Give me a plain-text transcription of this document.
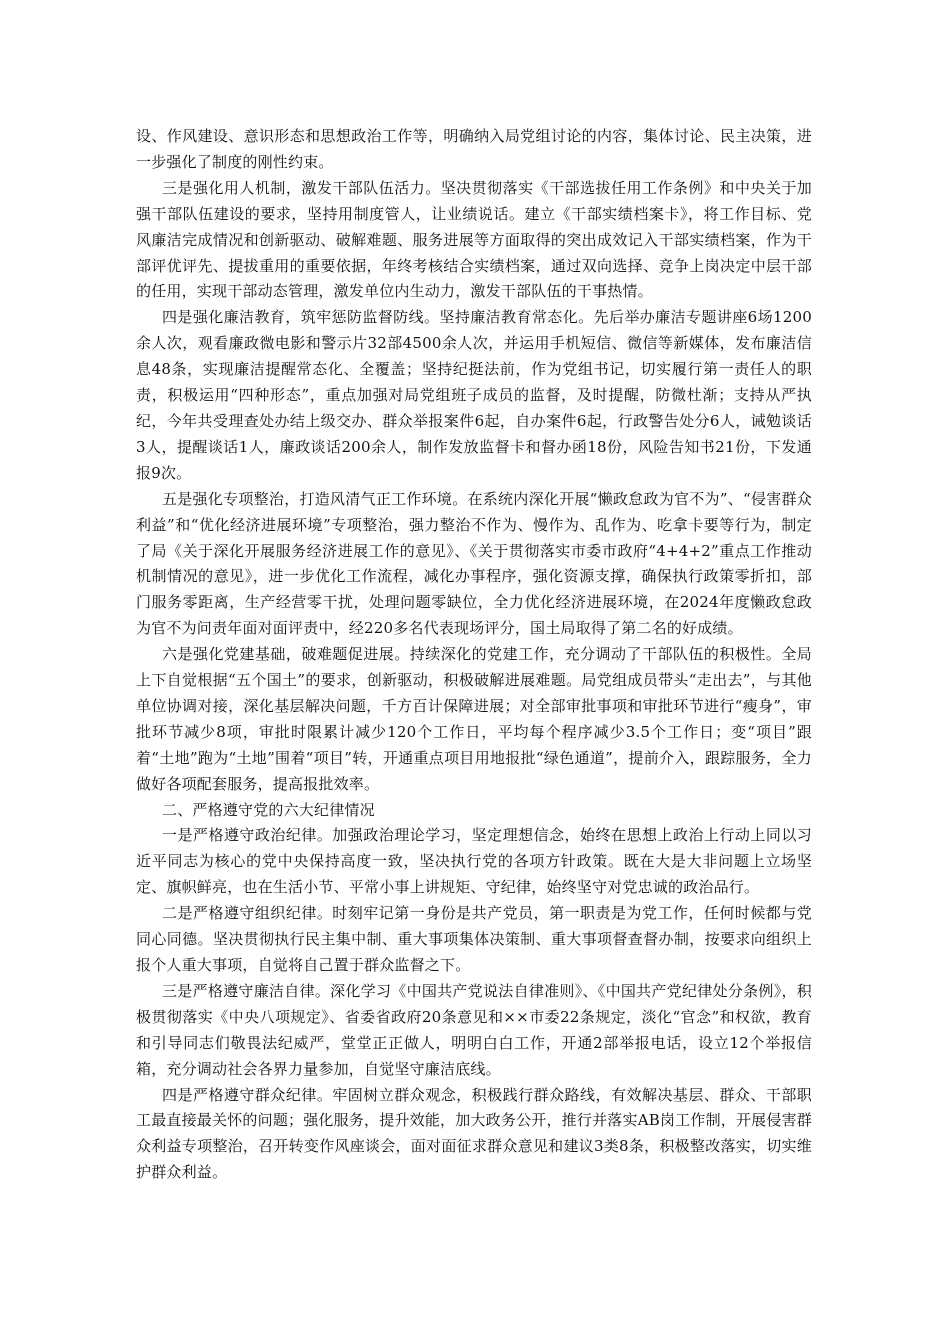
设、作风建设、意识形态和思想政治工作等，明确纳入局党组讨论的内容，集体讨论、民主决策，进一步强化了制度的刚性约束。

三是强化用人机制，激发干部队伍活力。坚决贯彻落实《干部选拔任用工作条例》和中央关于加强干部队伍建设的要求，坚持用制度管人，让业绩说话。建立《干部实绩档案卡》，将工作目标、党风廉洁完成情况和创新驱动、破解难题、服务进展等方面取得的突出成效记入干部实绩档案，作为干部评优评先、提拔重用的重要依据，年终考核结合实绩档案，通过双向选择、竞争上岗决定中层干部的任用，实现干部动态管理，激发单位内生动力，激发干部队伍的干事热情。

四是强化廉洁教育，筑牢惩防监督防线。坚持廉洁教育常态化。先后举办廉洁专题讲座6场1200余人次，观看廉政微电影和警示片32部4500余人次，并运用手机短信、微信等新媒体，发布廉洁信息48条，实现廉洁提醒常态化、全覆盖；坚持纪挺法前，作为党组书记，切实履行第一责任人的职责，积极运用“四种形态”，重点加强对局党组班子成员的监督，及时提醒，防微杜渐；支持从严执纪，今年共受理查处办结上级交办、群众举报案件6起，自办案件6起，行政警告处分6人，诫勉谈话3人，提醒谈话1人，廉政谈话200余人，制作发放监督卡和督办函18份，风险告知书21份，下发通报9次。

五是强化专项整治，打造风清气正工作环境。在系统内深化开展“懒政怠政为官不为”、“侵害群众利益”和“优化经济进展环境”专项整治，强力整治不作为、慢作为、乱作为、吃拿卡要等行为，制定了局《关于深化开展服务经济进展工作的意见》、《关于贯彻落实市委市政府“4+4+2”重点工作推动机制情况的意见》，进一步优化工作流程，减化办事程序，强化资源支撑，确保执行政策零折扣，部门服务零距离，生产经营零干扰，处理问题零缺位，全力优化经济进展环境，在2024年度懒政怠政为官不为问责年面对面评责中，经220多名代表现场评分，国土局取得了第二名的好成绩。

六是强化党建基础，破难题促进展。持续深化的党建工作，充分调动了干部队伍的积极性。全局上下自觉根据“五个国土”的要求，创新驱动，积极破解进展难题。局党组成员带头“走出去”，与其他单位协调对接，深化基层解决问题，千方百计保障进展；对全部审批事项和审批环节进行“瘦身”，审批环节减少8项，审批时限累计减少120个工作日，平均每个程序减少3.5个工作日；变“项目”跟着“土地”跑为“土地”围着“项目”转，开通重点项目用地报批“绿色通道”，提前介入，跟踪服务，全力做好各项配套服务，提高报批效率。

二、严格遵守党的六大纪律情况

一是严格遵守政治纪律。加强政治理论学习，坚定理想信念，始终在思想上政治上行动上同以习近平同志为核心的党中央保持高度一致，坚决执行党的各项方针政策。既在大是大非问题上立场坚定、旗帜鲜亮，也在生活小节、平常小事上讲规矩、守纪律，始终坚守对党忠诚的政治品行。

二是严格遵守组织纪律。时刻牢记第一身份是共产党员，第一职责是为党工作，任何时候都与党同心同德。坚决贯彻执行民主集中制、重大事项集体决策制、重大事项督查督办制，按要求向组织上报个人重大事项，自觉将自己置于群众监督之下。

三是严格遵守廉洁自律。深化学习《中国共产党说法自律准则》、《中国共产党纪律处分条例》，积极贯彻落实《中央八项规定》、省委省政府20条意见和××市委22条规定，淡化“官念”和权欲，教育和引导同志们敬畏法纪威严，堂堂正正做人，明明白白工作，开通2部举报电话，设立12个举报信箱，充分调动社会各界力量参加，自觉坚守廉洁底线。

四是严格遵守群众纪律。牢固树立群众观念，积极践行群众路线，有效解决基层、群众、干部职工最直接最关怀的问题；强化服务，提升效能，加大政务公开，推行并落实AB岗工作制，开展侵害群众利益专项整治，召开转变作风座谈会，面对面征求群众意见和建议3类8条，积极整改落实，切实维护群众利益。
